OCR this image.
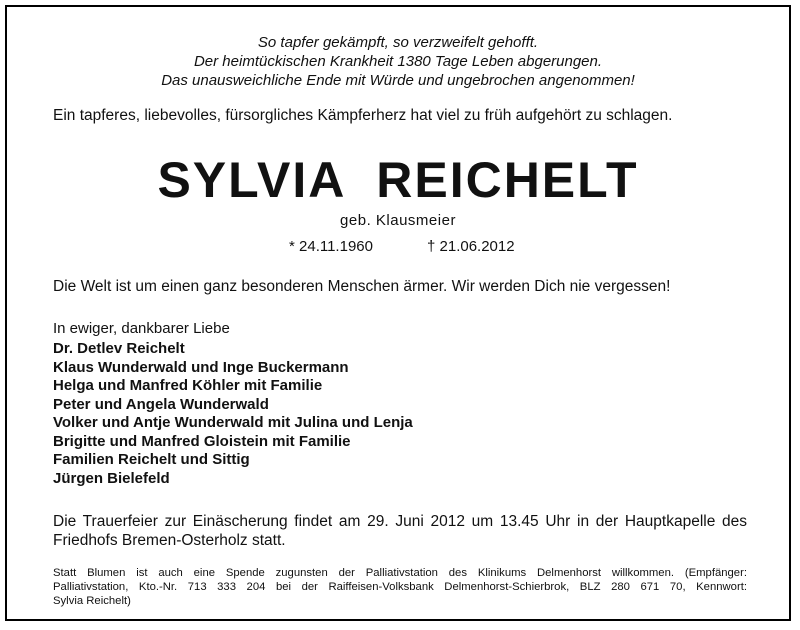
So tapfer gekämpft, so verzweifelt gehofft.
Der heimtückischen Krankheit 1380 Tage Leben abgerungen.
Das unausweichliche Ende mit Würde und ungebrochen angenommen!
Ein tapferes, liebevolles, fürsorgliches Kämpferherz hat viel zu früh aufgehört zu schlagen.
SYLVIA  REICHELT
geb. Klausmeier
* 24.11.1960	† 21.06.2012
Die Welt ist um einen ganz besonderen Menschen ärmer. Wir werden Dich nie vergessen!
In ewiger, dankbarer Liebe
Dr. Detlev Reichelt
Klaus Wunderwald und Inge Buckermann
Helga und Manfred Köhler mit Familie
Peter und Angela Wunderwald
Volker und Antje Wunderwald mit Julina und Lenja
Brigitte und Manfred Gloistein mit Familie
Familien Reichelt und Sittig
Jürgen Bielefeld
Die Trauerfeier zur Einäscherung findet am 29. Juni 2012 um 13.45 Uhr in der Hauptkapelle des
Friedhofs Bremen-Osterholz statt.
Statt Blumen ist auch eine Spende zugunsten der Palliativstation des Klinikums Delmenhorst willkommen. (Empfänger:
Palliativstation, Kto.-Nr. 713 333 204 bei der Raiffeisen-Volksbank Delmenhorst-Schierbrok, BLZ 280 671 70, Kennwort:
Sylvia Reichelt)
